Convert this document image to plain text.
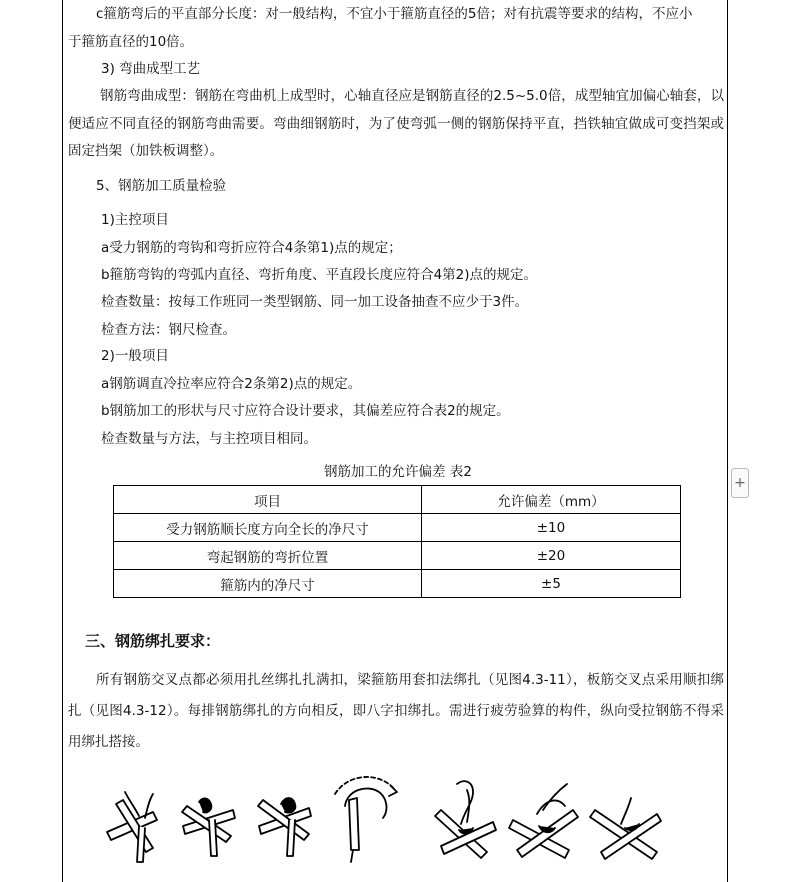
c箍筋弯后的平直部分长度：对一般结构，不宜小于箍筋直径的5倍；对有抗震等要求的结构，不应小
于箍筋直径的10倍。
3) 弯曲成型工艺
钢筋弯曲成型：钢筋在弯曲机上成型时，心轴直径应是钢筋直径的2.5~5.0倍，成型轴宜加偏心轴套，以便适应不同直径的钢筋弯曲需要。弯曲细钢筋时，为了使弯弧一侧的钢筋保持平直，挡铁轴宜做成可变挡架或固定挡架（加铁板调整）。
5、钢筋加工质量检验
1)主控项目
a受力钢筋的弯钩和弯折应符合4条第1)点的规定；
b箍筋弯钩的弯弧内直径、弯折角度、平直段长度应符合4第2)点的规定。
检查数量：按每工作班同一类型钢筋、同一加工设备抽查不应少于3件。
检查方法：钢尺检查。
2)一般项目
a钢筋调直冷拉率应符合2条第2)点的规定。
b钢筋加工的形状与尺寸应符合设计要求，其偏差应符合表2的规定。
检查数量与方法，与主控项目相同。
钢筋加工的允许偏差 表2
项目	允许偏差（mm）
受力钢筋顺长度方向全长的净尺寸	±10
弯起钢筋的弯折位置	±20
箍筋内的净尺寸	±5
+
三、钢筋绑扎要求：
所有钢筋交叉点都必须用扎丝绑扎扎满扣，梁箍筋用套扣法绑扎（见图4.3-11），板筋交叉点采用顺扣绑扎（见图4.3-12）。每排钢筋绑扎的方向相反，即八字扣绑扎。需进行疲劳验算的构件，纵向受拉钢筋不得采用绑扎搭接。
